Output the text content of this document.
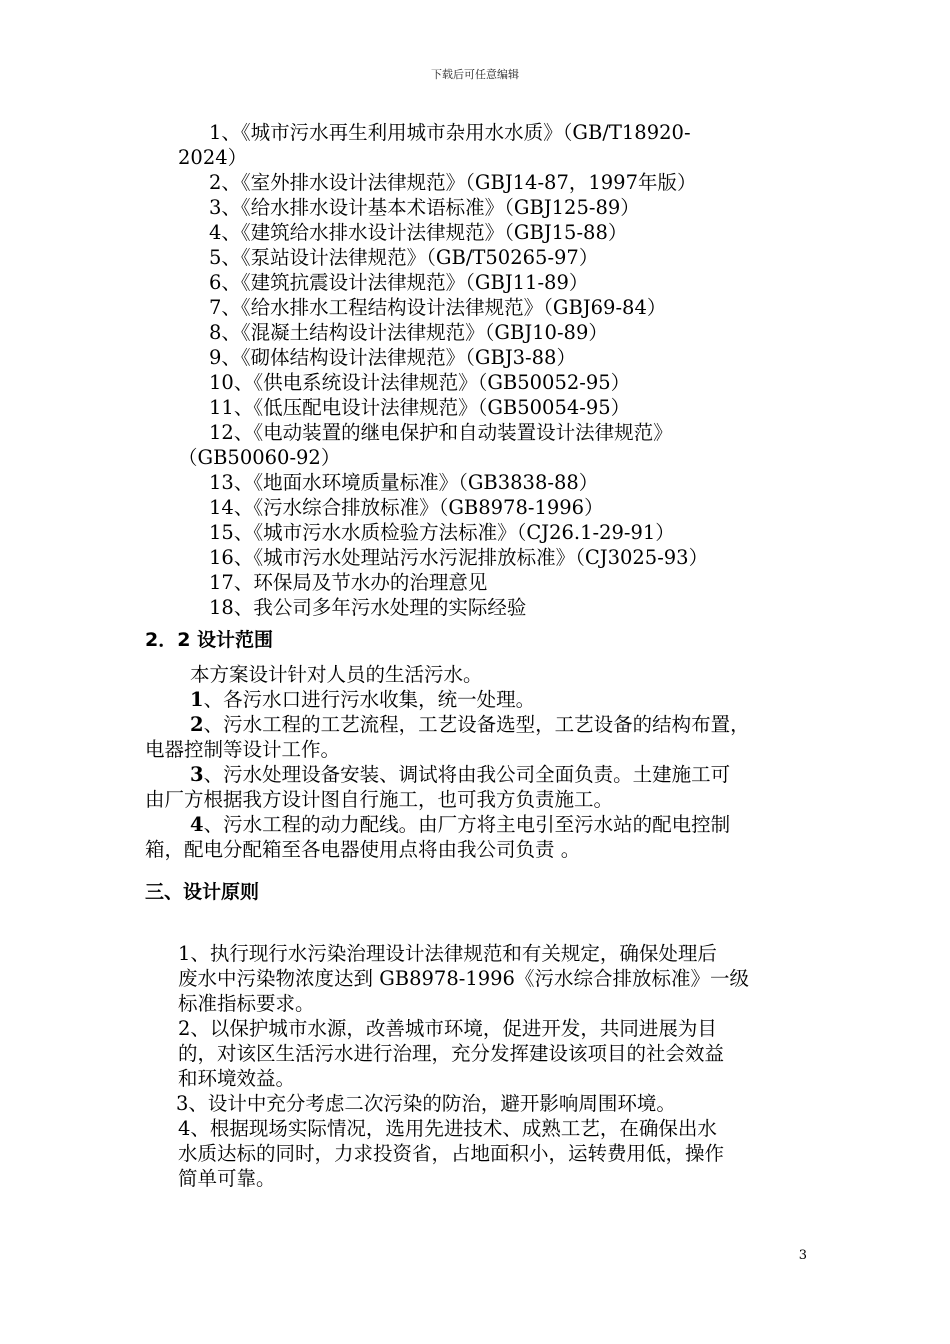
下载后可任意编辑
1、《城市污水再生利用城市杂用水水质》（GB/T18920-
2024）
2、《室外排水设计法律规范》（GBJ14-87，1997年版）
3、《给水排水设计基本术语标准》（GBJ125-89）
4、《建筑给水排水设计法律规范》（GBJ15-88）
5、《泵站设计法律规范》（GB/T50265-97）
6、《建筑抗震设计法律规范》（GBJ11-89）
7、《给水排水工程结构设计法律规范》（GBJ69-84）
8、《混凝土结构设计法律规范》（GBJ10-89）
9、《砌体结构设计法律规范》（GBJ3-88）
10、《供电系统设计法律规范》（GB50052-95）
11、《低压配电设计法律规范》（GB50054-95）
12、《电动装置的继电保护和自动装置设计法律规范》
（GB50060-92）
13、《地面水环境质量标准》（GB3838-88）
14、《污水综合排放标准》（GB8978-1996）
15、《城市污水水质检验方法标准》（CJ26.1-29-91）
16、《城市污水处理站污水污泥排放标准》（CJ3025-93）
17、环保局及节水办的治理意见
18、我公司多年污水处理的实际经验
2．2 设计范围
本方案设计针对人员的生活污水。
1、各污水口进行污水收集，统一处理。
2、污水工程的工艺流程，工艺设备选型，工艺设备的结构布置，
电器控制等设计工作。
3、污水处理设备安装、调试将由我公司全面负责。土建施工可
由厂方根据我方设计图自行施工，也可我方负责施工。
4、污水工程的动力配线。由厂方将主电引至污水站的配电控制
箱，配电分配箱至各电器使用点将由我公司负责 。
三、设计原则
1、执行现行水污染治理设计法律规范和有关规定，确保处理后
废水中污染物浓度达到 GB8978-1996《污水综合排放标准》一级
标准指标要求。
2、以保护城市水源，改善城市环境，促进开发，共同进展为目
的，对该区生活污水进行治理，充分发挥建设该项目的社会效益
和环境效益。
3、设计中充分考虑二次污染的防治，避开影响周围环境。
4、根据现场实际情况，选用先进技术、成熟工艺，在确保出水
水质达标的同时，力求投资省，占地面积小，运转费用低，操作
简单可靠。
3
